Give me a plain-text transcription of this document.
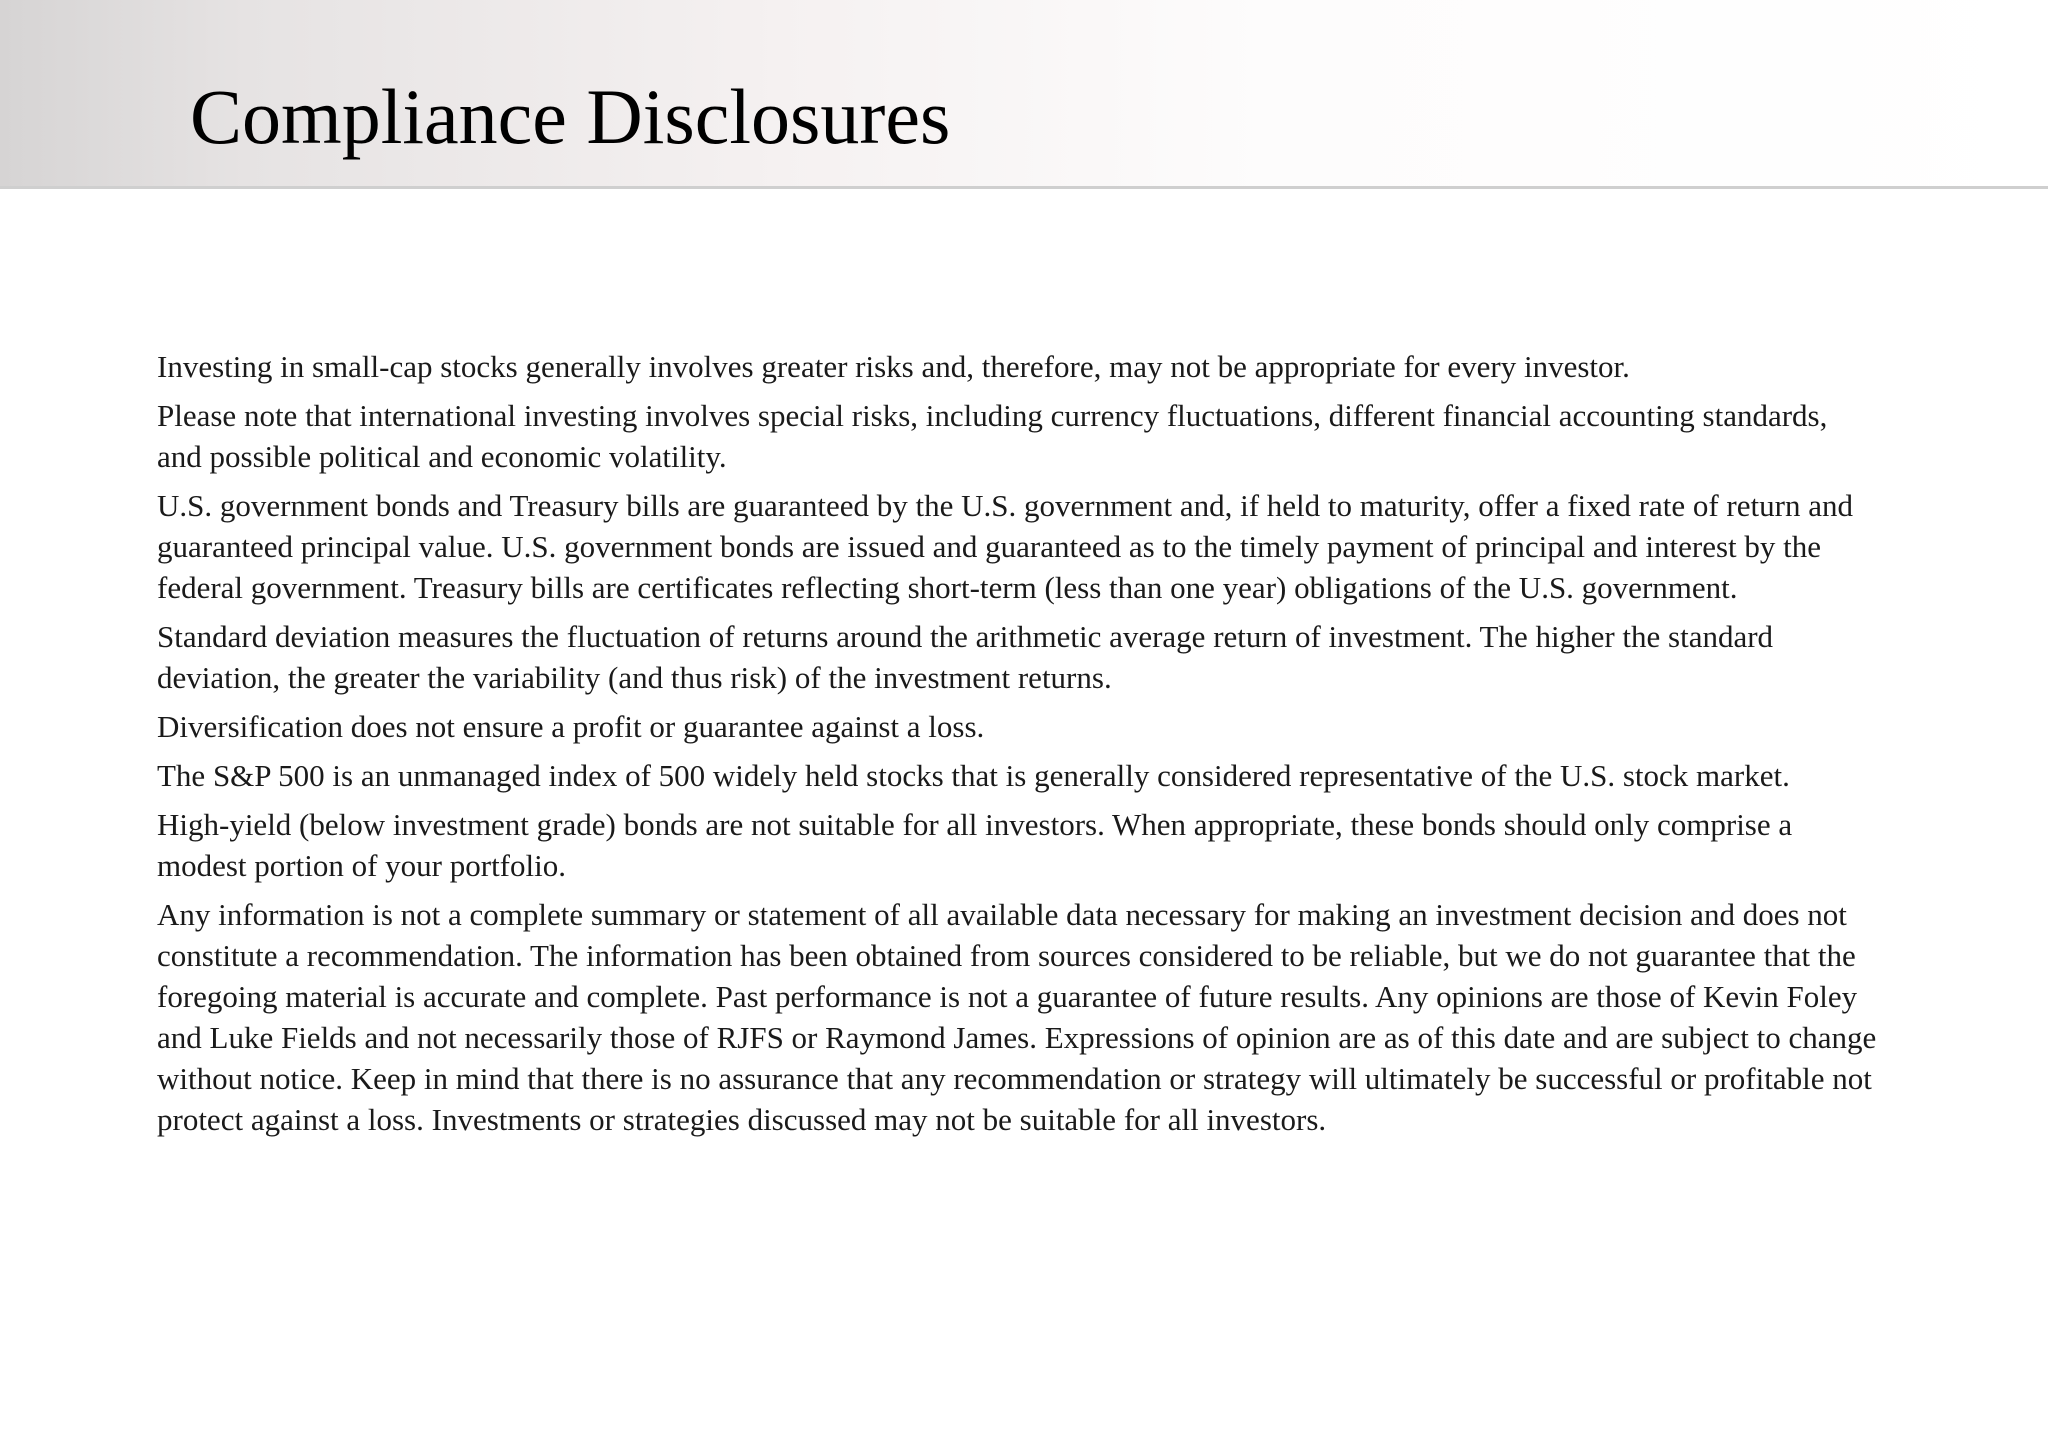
Compliance Disclosures

Investing in small-cap stocks generally involves greater risks and, therefore, may not be appropriate for every investor.

Please note that international investing involves special risks, including currency fluctuations, different financial accounting standards, and possible political and economic volatility.

U.S. government bonds and Treasury bills are guaranteed by the U.S. government and, if held to maturity, offer a fixed rate of return and guaranteed principal value. U.S. government bonds are issued and guaranteed as to the timely payment of principal and interest by the federal government. Treasury bills are certificates reflecting short-term (less than one year) obligations of the U.S. government.

Standard deviation measures the fluctuation of returns around the arithmetic average return of investment. The higher the standard deviation, the greater the variability (and thus risk) of the investment returns.

Diversification does not ensure a profit or guarantee against a loss.

The S&P 500 is an unmanaged index of 500 widely held stocks that is generally considered representative of the U.S. stock market.

High-yield (below investment grade) bonds are not suitable for all investors. When appropriate, these bonds should only comprise a modest portion of your portfolio.

Any information is not a complete summary or statement of all available data necessary for making an investment decision and does not constitute a recommendation. The information has been obtained from sources considered to be reliable, but we do not guarantee that the foregoing material is accurate and complete. Past performance is not a guarantee of future results. Any opinions are those of Kevin Foley and Luke Fields and not necessarily those of RJFS or Raymond James. Expressions of opinion are as of this date and are subject to change without notice. Keep in mind that there is no assurance that any recommendation or strategy will ultimately be successful or profitable not protect against a loss. Investments or strategies discussed may not be suitable for all investors.
